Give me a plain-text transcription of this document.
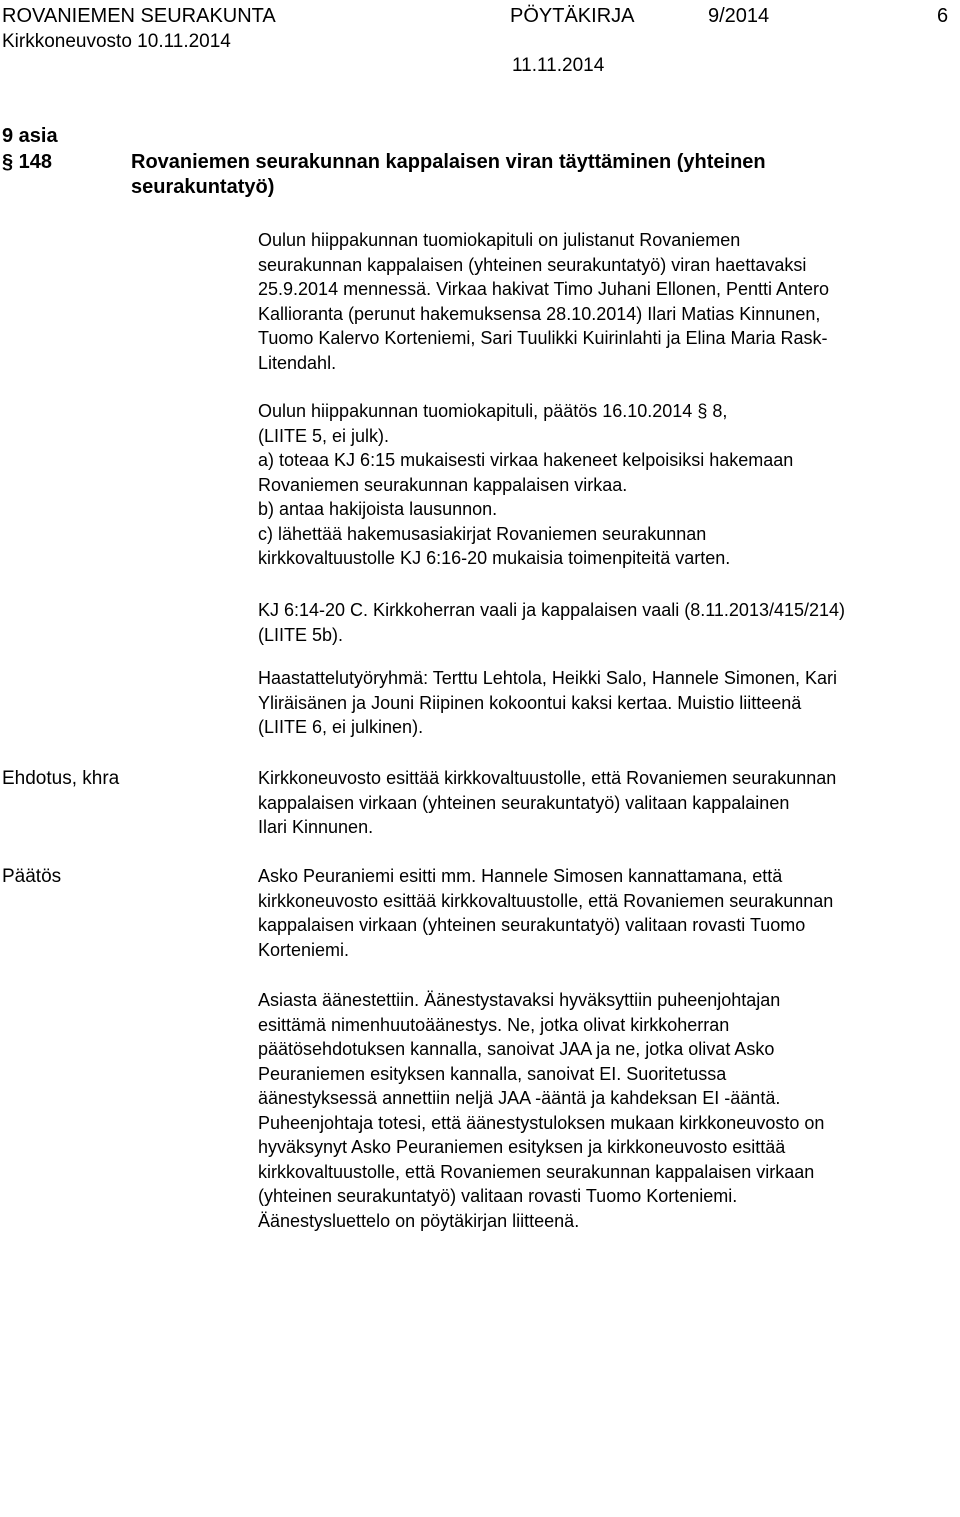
ROVANIEMEN SEURAKUNTA	PÖYTÄKIRJA	9/2014	6
Kirkkoneuvosto 10.11.2014
11.11.2014
9 asia
§ 148	Rovaniemen seurakunnan kappalaisen viran täyttäminen (yhteinen seurakuntatyö)
Oulun hiippakunnan tuomiokapituli on julistanut Rovaniemen
seurakunnan kappalaisen (yhteinen seurakuntatyö) viran haettavaksi
25.9.2014 mennessä. Virkaa hakivat Timo Juhani Ellonen, Pentti Antero
Kallioranta (perunut hakemuksensa 28.10.2014) Ilari Matias Kinnunen,
Tuomo Kalervo Korteniemi, Sari Tuulikki Kuirinlahti ja Elina Maria Rask-
Litendahl.
Oulun hiippakunnan tuomiokapituli, päätös 16.10.2014 § 8,
(LIITE 5, ei julk).
a) toteaa KJ 6:15 mukaisesti virkaa hakeneet kelpoisiksi hakemaan
Rovaniemen seurakunnan kappalaisen virkaa.
b) antaa hakijoista lausunnon.
c) lähettää hakemusasiakirjat Rovaniemen seurakunnan
kirkkovaltuustolle KJ 6:16-20 mukaisia toimenpiteitä varten.
KJ 6:14-20 C. Kirkkoherran vaali ja kappalaisen vaali (8.11.2013/415/214)
(LIITE 5b).
Haastattelutyöryhmä: Terttu Lehtola, Heikki Salo, Hannele Simonen, Kari
Yliräisänen ja Jouni Riipinen kokoontui kaksi kertaa. Muistio liitteenä
(LIITE 6, ei julkinen).
Ehdotus, khra	Kirkkoneuvosto esittää kirkkovaltuustolle, että Rovaniemen seurakunnan
kappalaisen virkaan (yhteinen seurakuntatyö) valitaan kappalainen
Ilari Kinnunen.
Päätös	Asko Peuraniemi esitti mm. Hannele Simosen kannattamana, että
kirkkoneuvosto esittää kirkkovaltuustolle, että Rovaniemen seurakunnan
kappalaisen virkaan (yhteinen seurakuntatyö) valitaan rovasti Tuomo
Korteniemi.
Asiasta äänestettiin. Äänestystavaksi hyväksyttiin puheenjohtajan
esittämä nimenhuutoäänestys. Ne, jotka olivat kirkkoherran
päätösehdotuksen kannalla, sanoivat JAA ja ne, jotka olivat Asko
Peuraniemen esityksen kannalla, sanoivat EI. Suoritetussa
äänestyksessä annettiin neljä JAA -ääntä ja kahdeksan EI -ääntä.
Puheenjohtaja totesi, että äänestystuloksen mukaan kirkkoneuvosto on
hyväksynyt Asko Peuraniemen esityksen ja kirkkoneuvosto esittää
kirkkovaltuustolle, että Rovaniemen seurakunnan kappalaisen virkaan
(yhteinen seurakuntatyö) valitaan rovasti Tuomo Korteniemi.
Äänestysluettelo on pöytäkirjan liitteenä.
